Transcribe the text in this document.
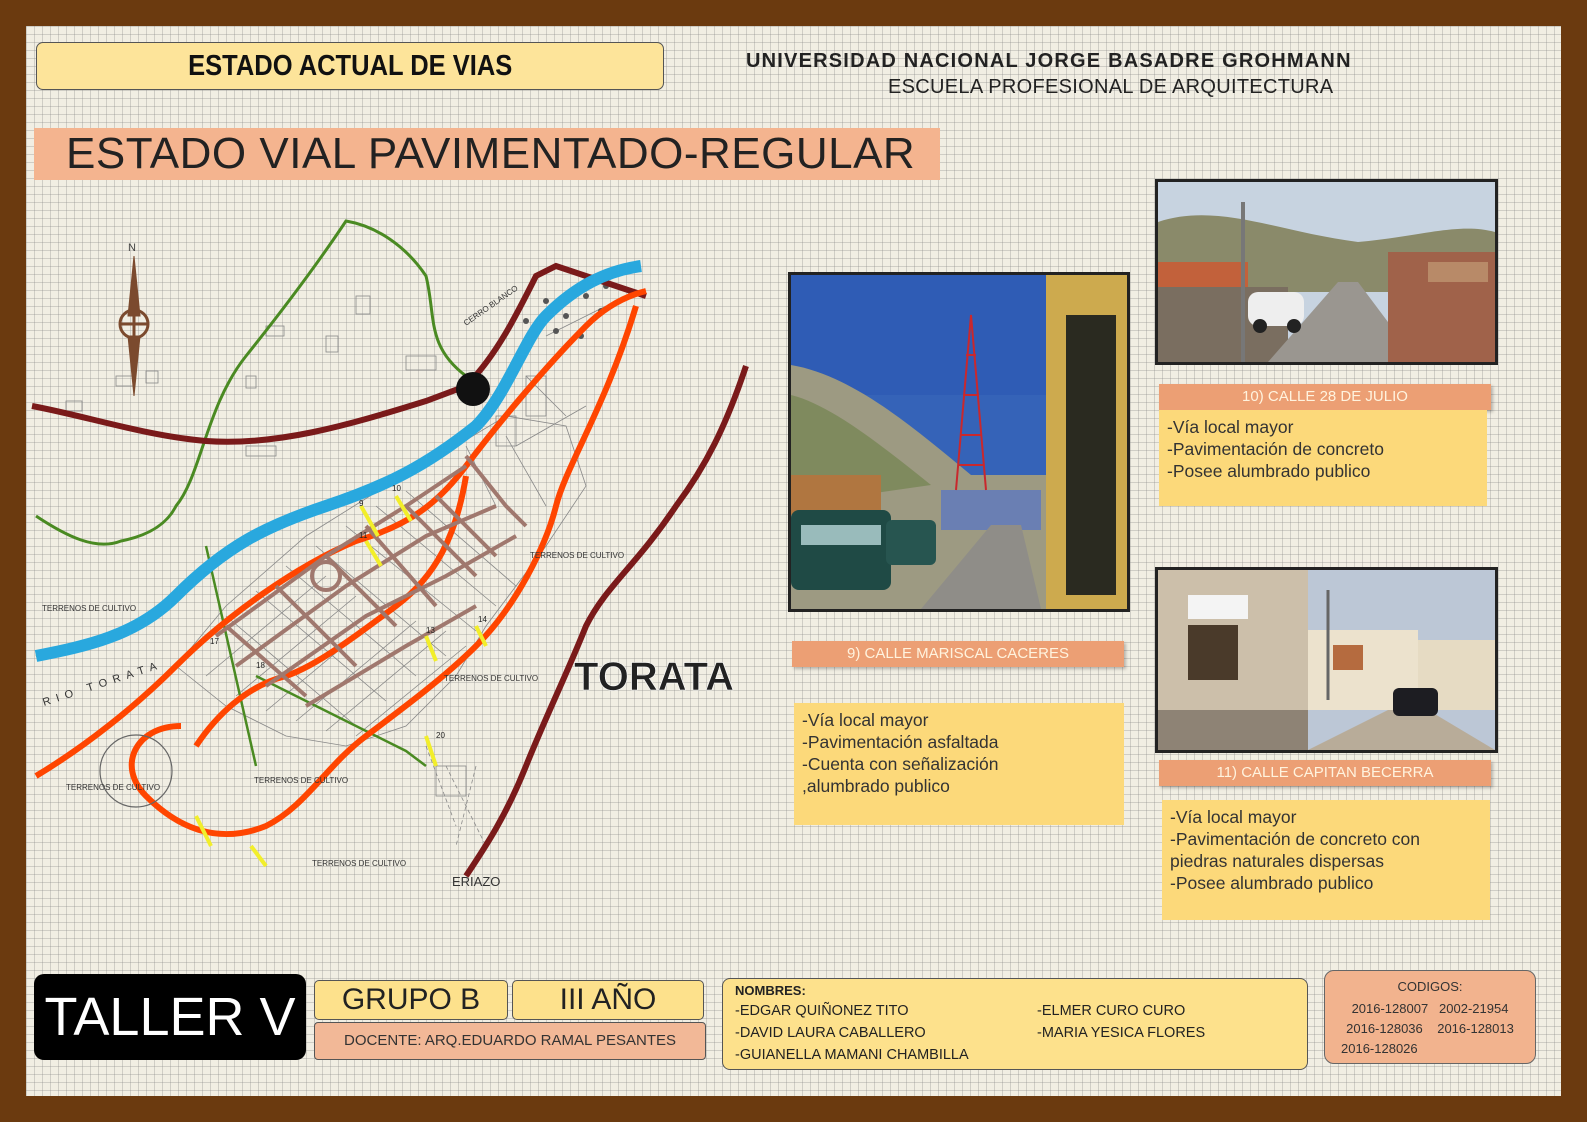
ESTADO ACTUAL DE VIAS	UNIVERSIDAD NACIONAL JORGE BASADRE GROHMANN
ESCUELA PROFESIONAL DE ARQUITECTURA
ESTADO VIAL PAVIMENTADO-REGULAR
9
10
11
13
14
17
18
20
N
TERRENOS DE CULTIVO
TERRENOS DE CULTIVO
TERRENOS DE CULTIVO
TERRENOS DE CULTIVO
TERRENOS DE CULTIVO
TERRENOS DE CULTIVO
CERRO BLANCO
RIO TORATA
ERIAZO
TORATA
9) CALLE MARISCAL CACERES
-Vía local mayor
-Pavimentación asfaltada
-Cuenta con señalización
,alumbrado publico
10) CALLE 28 DE JULIO
-Vía local mayor
-Pavimentación de concreto
-Posee alumbrado publico
11) CALLE CAPITAN BECERRA
-Vía local mayor
-Pavimentación de concreto con
piedras naturales dispersas
-Posee alumbrado publico
TALLER V	GRUPO B	III AÑO
DOCENTE: ARQ.EDUARDO RAMAL PESANTES
NOMBRES:
-EDGAR QUIÑONEZ TITO
-DAVID LAURA CABALLERO
-GUIANELLA MAMANI CHAMBILLA
-ELMER CURO CURO
-MARIA YESICA FLORES
CODIGOS:
2016-128007   2002-21954
2016-128036    2016-128013
2016-128026
